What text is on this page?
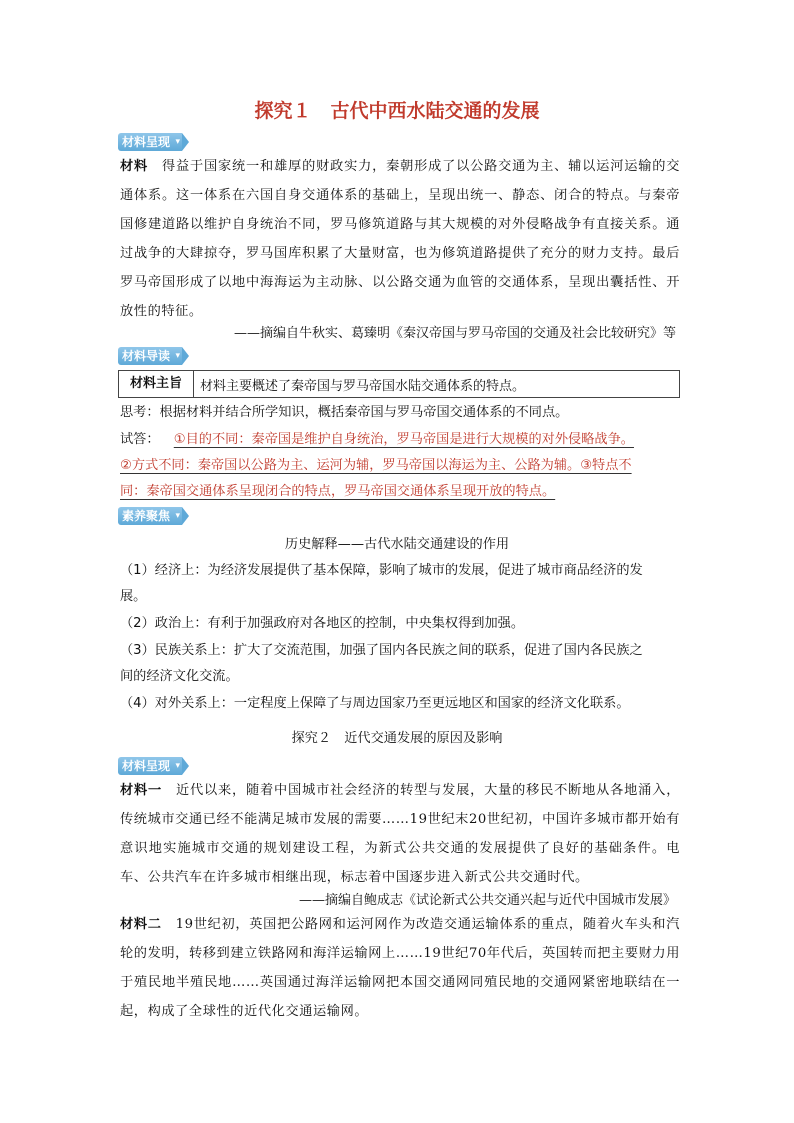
探究１　古代中西水陆交通的发展
材料呈现 ▾
材料　得益于国家统一和雄厚的财政实力，秦朝形成了以公路交通为主、辅以运河运输的交通体系。这一体系在六国自身交通体系的基础上，呈现出统一、静态、闭合的特点。与秦帝国修建道路以维护自身统治不同，罗马修筑道路与其大规模的对外侵略战争有直接关系。通过战争的大肆掠夺，罗马国库积累了大量财富，也为修筑道路提供了充分的财力支持。最后罗马帝国形成了以地中海海运为主动脉、以公路交通为血管的交通体系，呈现出囊括性、开放性的特征。
——摘编自牛秋实、葛臻明《秦汉帝国与罗马帝国的交通及社会比较研究》等
材料导读 ▾
材料主旨	材料主要概述了秦帝国与罗马帝国水陆交通体系的特点。
思考：根据材料并结合所学知识，概括秦帝国与罗马帝国交通体系的不同点。
试答： ①目的不同：秦帝国是维护自身统治，罗马帝国是进行大规模的对外侵略战争。
②方式不同：秦帝国以公路为主、运河为辅，罗马帝国以海运为主、公路为辅。③特点不
同：秦帝国交通体系呈现闭合的特点，罗马帝国交通体系呈现开放的特点。
素养聚焦 ▾
历史解释——古代水陆交通建设的作用
（1）经济上：为经济发展提供了基本保障，影响了城市的发展，促进了城市商品经济的发
展。
（2）政治上：有利于加强政府对各地区的控制，中央集权得到加强。
（3）民族关系上：扩大了交流范围，加强了国内各民族之间的联系，促进了国内各民族之
间的经济文化交流。
（4）对外关系上：一定程度上保障了与周边国家乃至更远地区和国家的经济文化联系。
探究２　近代交通发展的原因及影响
材料呈现 ▾
材料一　近代以来，随着中国城市社会经济的转型与发展，大量的移民不断地从各地涌入，传统城市交通已经不能满足城市发展的需要……19世纪末20世纪初，中国许多城市都开始有意识地实施城市交通的规划建设工程，为新式公共交通的发展提供了良好的基础条件。电车、公共汽车在许多城市相继出现，标志着中国逐步进入新式公共交通时代。
——摘编自鲍成志《试论新式公共交通兴起与近代中国城市发展》
材料二　19世纪初，英国把公路网和运河网作为改造交通运输体系的重点，随着火车头和汽轮的发明，转移到建立铁路网和海洋运输网上……19世纪70年代后，英国转而把主要财力用于殖民地半殖民地……英国通过海洋运输网把本国交通网同殖民地的交通网紧密地联结在一起，构成了全球性的近代化交通运输网。
